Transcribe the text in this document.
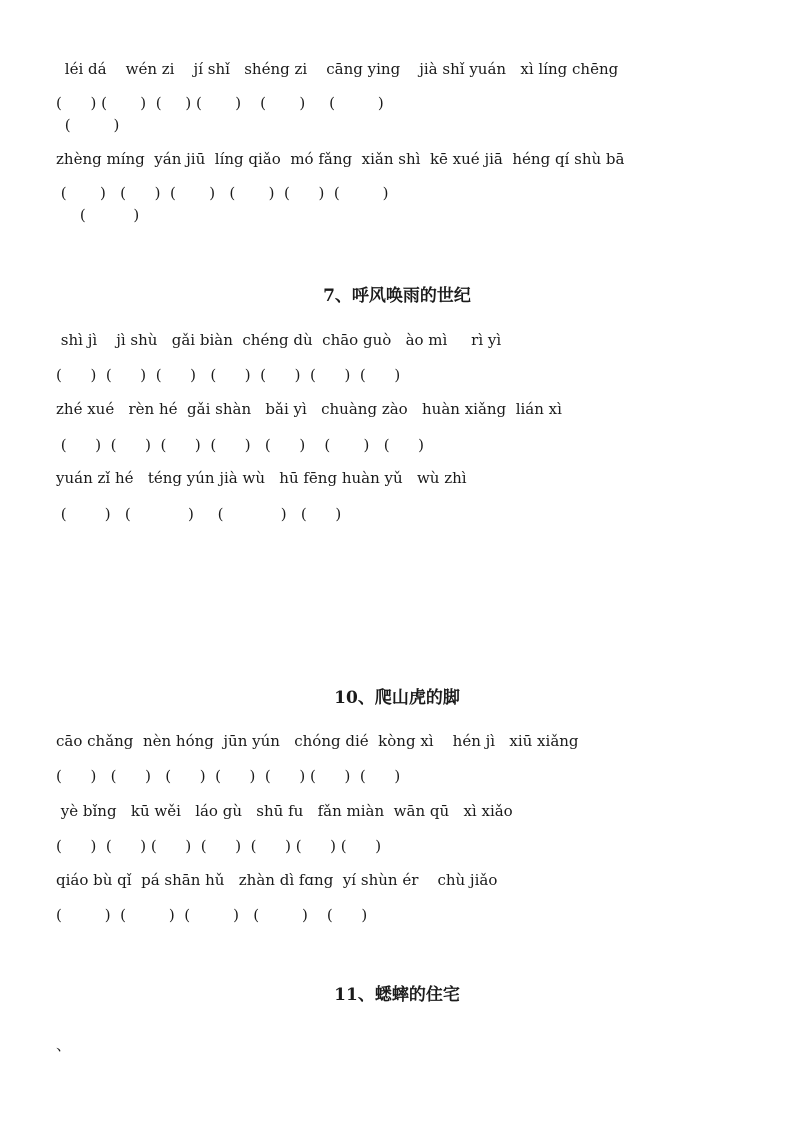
léi dá    wén zi    jí shǐ   shéng zi    cāng ying    jià shǐ yuán   xì líng chēng
(      ) (       )  (     ) (       )    (       )     (         )
(         )
zhèng míng  yán jiū  líng qiǎo  mó fǎng  xiǎn shì  kē xué jiā  héng qí shù bā
(       )   (      )  (       )   (       )  (      )  (         )
(          )
7、呼风唤雨的世纪
shì jì    jì shù   gǎi biàn  chéng dù  chāo guò   ào mì     rì yì
(      )  (      )  (      )   (      )  (      )  (      )  (      )
zhé xué   rèn hé  gǎi shàn   bǎi yì   chuàng zào   huàn xiǎng  lián xì
(      )  (      )  (      )  (      )   (      )    (       )   (      )
yuán zǐ hé   téng yún jià wù   hū fēng huàn yǔ   wù zhì
(        )   (            )     (            )   (      )
10、爬山虎的脚
cāo chǎng  nèn hóng  jūn yún   chóng dié  kòng xì    hén jì   xiū xiǎng
(      )   (      )   (      )  (      )  (      ) (      )  (      )
yè bǐng   kū wěi   láo gù   shū fu   fǎn miàn  wān qū   xì xiǎo
(      )  (      ) (      )  (      )  (      ) (      ) (      )
qiáo bù qǐ  pá shān hǔ   zhàn dì fɑng  yí shùn ér    chù jiǎo
(         )  (         )  (         )   (         )    (      )
11、蟋蟀的住宅
、
